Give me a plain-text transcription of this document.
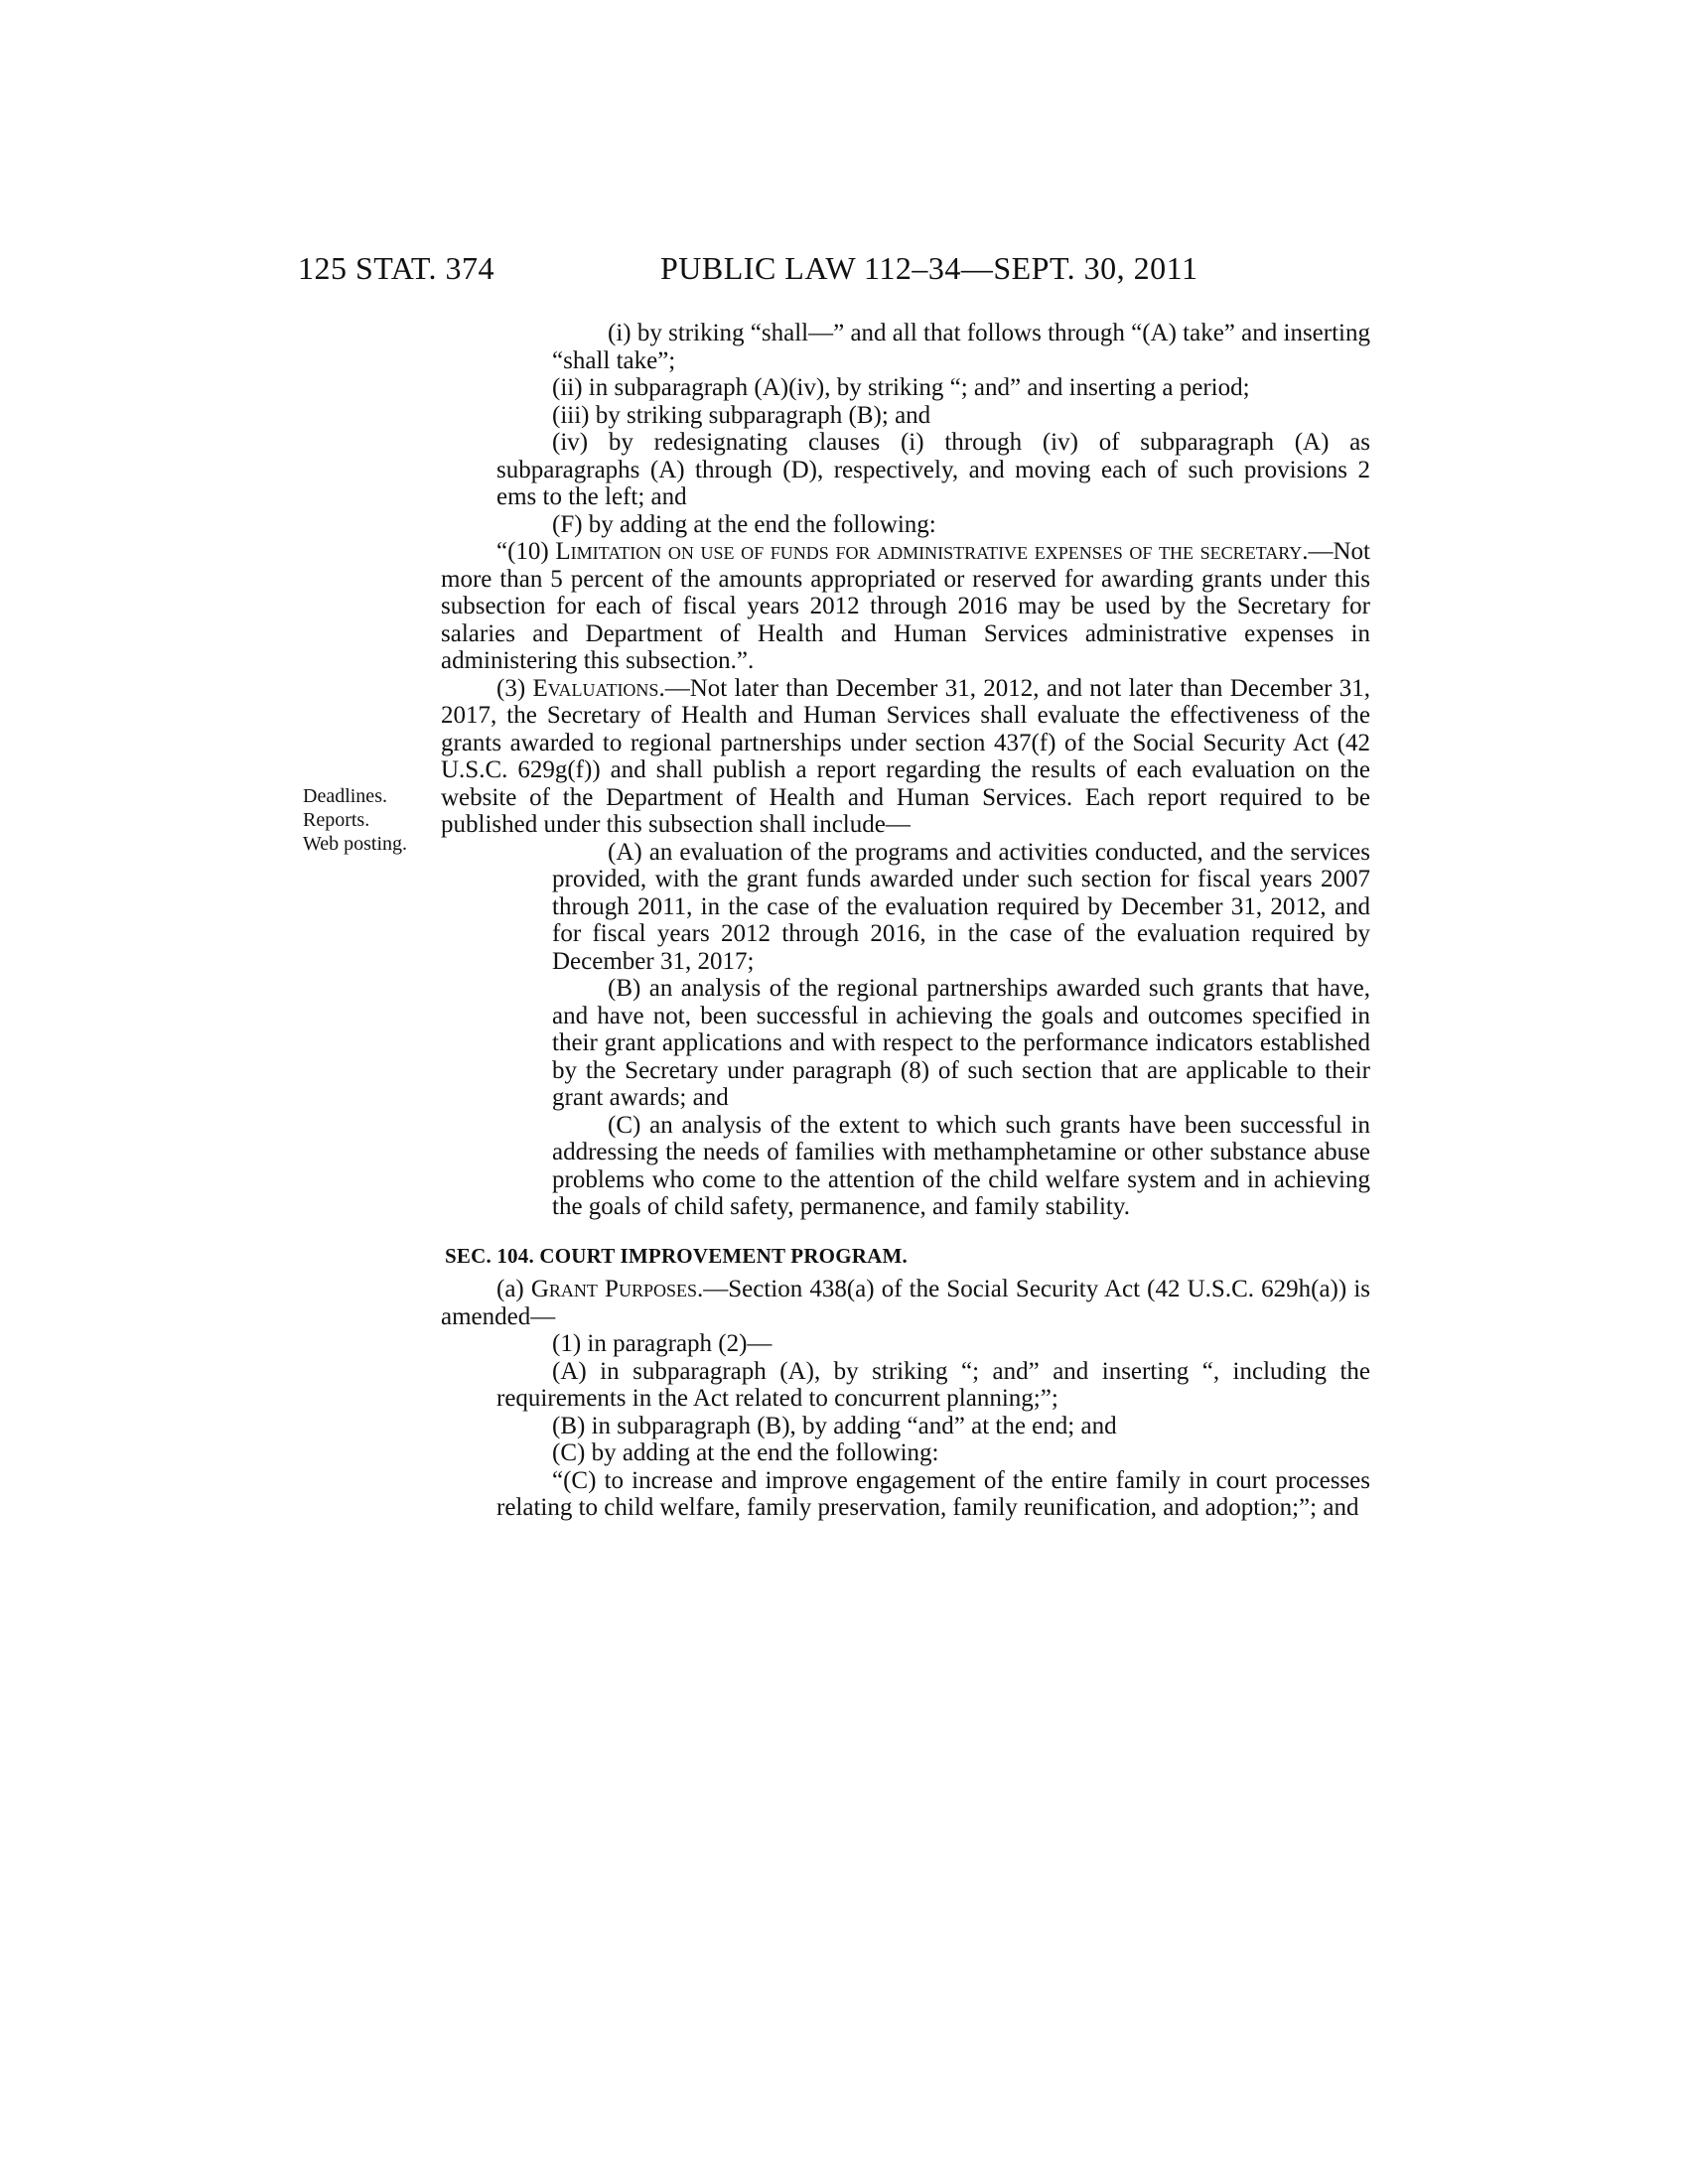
125 STAT. 374	PUBLIC LAW 112–34—SEPT. 30, 2011
Deadlines.
Reports.
Web posting.

(i) by striking “shall—” and all that follows through “(A) take” and inserting “shall take”;

(ii) in subparagraph (A)(iv), by striking “; and” and inserting a period;

(iii) by striking subparagraph (B); and

(iv) by redesignating clauses (i) through (iv) of subparagraph (A) as subparagraphs (A) through (D), respectively, and moving each of such provisions 2 ems to the left; and

(F) by adding at the end the following:

“(10) Limitation on use of funds for administrative expenses of the secretary.—Not more than 5 percent of the amounts appropriated or reserved for awarding grants under this subsection for each of fiscal years 2012 through 2016 may be used by the Secretary for salaries and Department of Health and Human Services administrative expenses in administering this subsection.”.

(3) Evaluations.—Not later than December 31, 2012, and not later than December 31, 2017, the Secretary of Health and Human Services shall evaluate the effectiveness of the grants awarded to regional partnerships under section 437(f) of the Social Security Act (42 U.S.C. 629g(f)) and shall publish a report regarding the results of each evaluation on the website of the Department of Health and Human Services. Each report required to be published under this subsection shall include—

(A) an evaluation of the programs and activities conducted, and the services provided, with the grant funds awarded under such section for fiscal years 2007 through 2011, in the case of the evaluation required by December 31, 2012, and for fiscal years 2012 through 2016, in the case of the evaluation required by December 31, 2017;

(B) an analysis of the regional partnerships awarded such grants that have, and have not, been successful in achieving the goals and outcomes specified in their grant applications and with respect to the performance indicators established by the Secretary under paragraph (8) of such section that are applicable to their grant awards; and

(C) an analysis of the extent to which such grants have been successful in addressing the needs of families with methamphetamine or other substance abuse problems who come to the attention of the child welfare system and in achieving the goals of child safety, permanence, and family stability.

SEC. 104. COURT IMPROVEMENT PROGRAM.

(a) Grant Purposes.—Section 438(a) of the Social Security Act (42 U.S.C. 629h(a)) is amended—

(1) in paragraph (2)—

(A) in subparagraph (A), by striking “; and” and inserting “, including the requirements in the Act related to concurrent planning;”;

(B) in subparagraph (B), by adding “and” at the end; and

(C) by adding at the end the following:

“(C) to increase and improve engagement of the entire family in court processes relating to child welfare, family preservation, family reunification, and adoption;”; and
